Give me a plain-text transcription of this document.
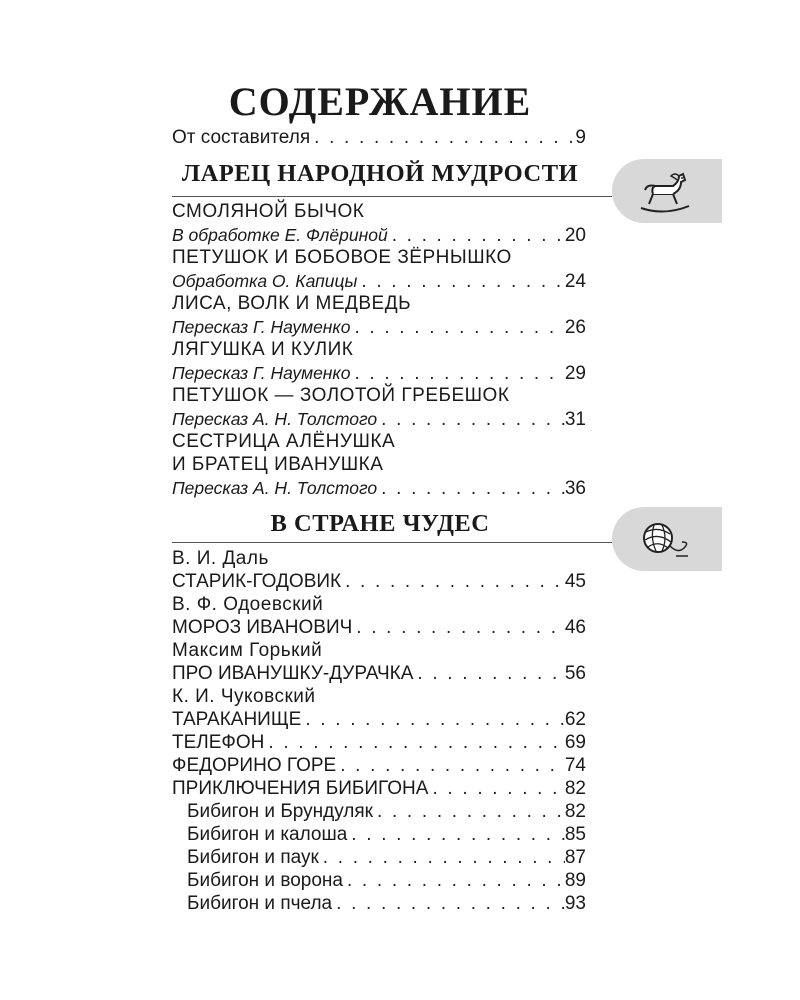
СОДЕРЖАНИЕ
От составителя . . .	9
ЛАРЕЦ НАРОДНОЙ МУДРОСТИ
СМОЛЯНОЙ БЫЧОК
В обработке Е. Флёриной . . .	20
ПЕТУШОК И БОБОВОЕ ЗЁРНЫШКО
Обработка О. Капицы . . .	24
ЛИСА, ВОЛК И МЕДВЕДЬ
Пересказ Г. Науменко . . .	26
ЛЯГУШКА И КУЛИК
Пересказ Г. Науменко . . .	29
ПЕТУШОК — ЗОЛОТОЙ ГРЕБЕШОК
Пересказ А. Н. Толстого . . .	31
СЕСТРИЦА АЛЁНУШКА
И БРАТЕЦ ИВАНУШКА
Пересказ А. Н. Толстого . . .	36
В СТРАНЕ ЧУДЕС
В. И. Даль
СТАРИК-ГОДОВИК . . .	45
В. Ф. Одоевский
МОРОЗ ИВАНОВИЧ . . .	46
Максим Горький
ПРО ИВАНУШКУ-ДУРАЧКА . . .	56
К. И. Чуковский
ТАРАКАНИЩЕ . . .	62
ТЕЛЕФОН . . .	69
ФЕДОРИНО ГОРЕ . . .	74
ПРИКЛЮЧЕНИЯ БИБИГОНА . . .	82
Бибигон и Брундуляк . . .	82
Бибигон и калоша . . .	85
Бибигон и паук . . .	87
Бибигон и ворона . . .	89
Бибигон и пчела . . .	93
